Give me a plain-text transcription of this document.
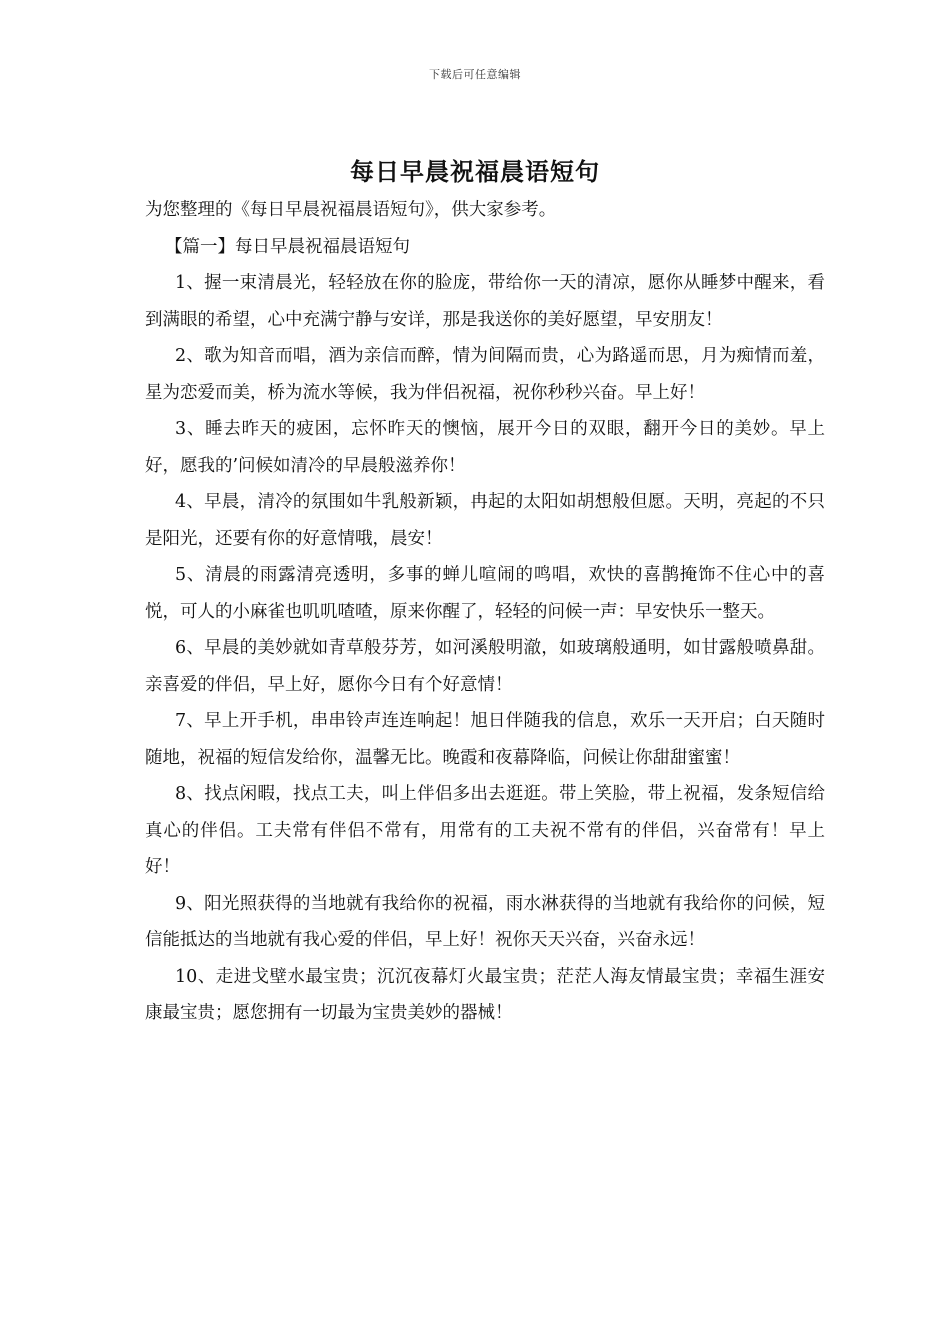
下载后可任意编辑
每日早晨祝福晨语短句

为您整理的《每日早晨祝福晨语短句》，供大家参考。

【篇一】每日早晨祝福晨语短句

1、握一束清晨光，轻轻放在你的脸庞，带给你一天的清凉，愿你从睡梦中醒来，看到满眼的希望，心中充满宁静与安详，那是我送你的美好愿望，早安朋友！

2、歌为知音而唱，酒为亲信而醉，情为间隔而贵，心为路遥而思，月为痴情而羞，星为恋爱而美，桥为流水等候，我为伴侣祝福，祝你秒秒兴奋。早上好！

3、睡去昨天的疲困，忘怀昨天的懊恼，展开今日的双眼，翻开今日的美妙。早上好，愿我的’问候如清冷的早晨般滋养你！

4、早晨，清冷的氛围如牛乳般新颖，冉起的太阳如胡想般但愿。天明，亮起的不只是阳光，还要有你的好意情哦，晨安！

5、清晨的雨露清亮透明，多事的蝉儿喧闹的鸣唱，欢快的喜鹊掩饰不住心中的喜悦，可人的小麻雀也叽叽喳喳，原来你醒了，轻轻的问候一声：早安快乐一整天。

6、早晨的美妙就如青草般芬芳，如河溪般明澈，如玻璃般通明，如甘露般喷鼻甜。亲喜爱的伴侣，早上好，愿你今日有个好意情！

7、早上开手机，串串铃声连连响起！旭日伴随我的信息，欢乐一天开启；白天随时随地，祝福的短信发给你，温馨无比。晚霞和夜幕降临，问候让你甜甜蜜蜜！

8、找点闲暇，找点工夫，叫上伴侣多出去逛逛。带上笑脸，带上祝福，发条短信给真心的伴侣。工夫常有伴侣不常有，用常有的工夫祝不常有的伴侣，兴奋常有！早上好！

9、阳光照获得的当地就有我给你的祝福，雨水淋获得的当地就有我给你的问候，短信能抵达的当地就有我心爱的伴侣，早上好！祝你天天兴奋，兴奋永远！

10、走进戈壁水最宝贵；沉沉夜幕灯火最宝贵；茫茫人海友情最宝贵；幸福生涯安康最宝贵；愿您拥有一切最为宝贵美妙的器械！
